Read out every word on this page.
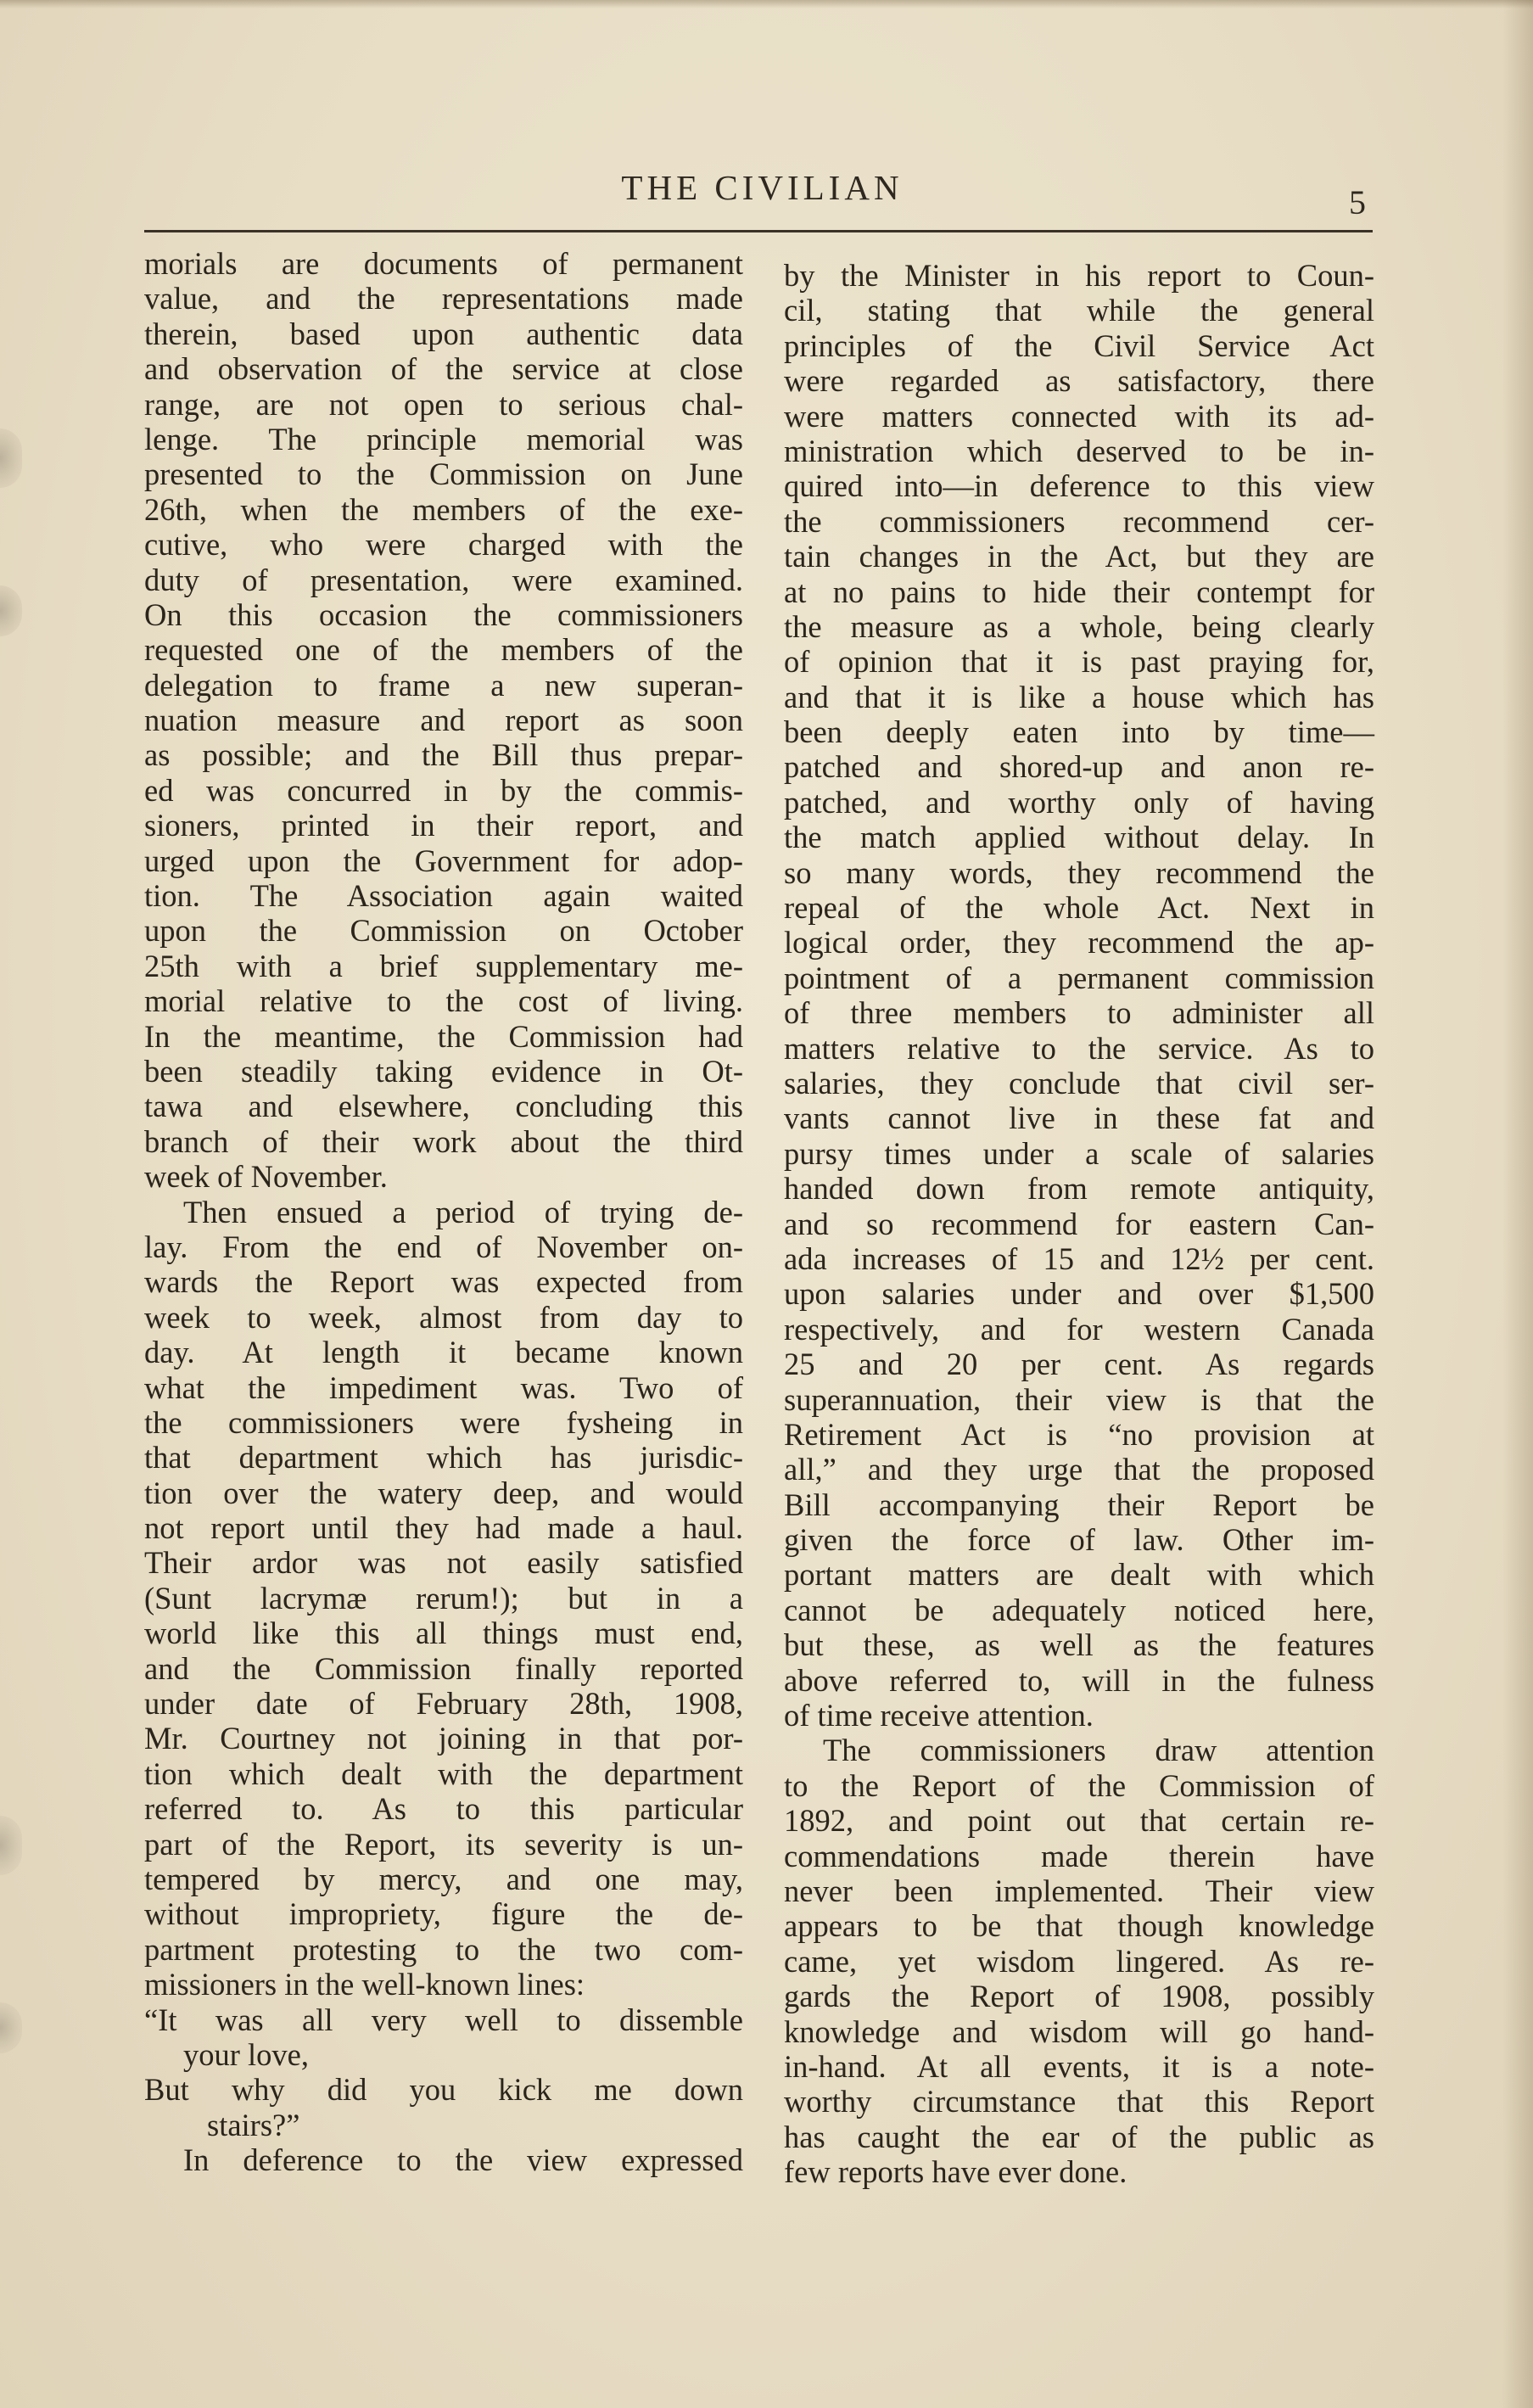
THE CIVILIAN	5
morials are documents of permanent
value, and the representations made
therein, based upon authentic data
and observation of the service at close
range, are not open to serious chal-
lenge. The principle memorial was
presented to the Commission on June
26th, when the members of the exe-
cutive, who were charged with the
duty of presentation, were examined.
On this occasion the commissioners
requested one of the members of the
delegation to frame a new superan-
nuation measure and report as soon
as possible; and the Bill thus prepar-
ed was concurred in by the commis-
sioners, printed in their report, and
urged upon the Government for adop-
tion. The Association again waited
upon the Commission on October
25th with a brief supplementary me-
morial relative to the cost of living.
In the meantime, the Commission had
been steadily taking evidence in Ot-
tawa and elsewhere, concluding this
branch of their work about the third
week of November.
Then ensued a period of trying de-
lay. From the end of November on-
wards the Report was expected from
week to week, almost from day to
day. At length it became known
what the impediment was. Two of
the commissioners were fysheing in
that department which has jurisdic-
tion over the watery deep, and would
not report until they had made a haul.
Their ardor was not easily satisfied
(Sunt lacrymæ rerum!); but in a
world like this all things must end,
and the Commission finally reported
under date of February 28th, 1908,
Mr. Courtney not joining in that por-
tion which dealt with the department
referred to. As to this particular
part of the Report, its severity is un-
tempered by mercy, and one may,
without impropriety, figure the de-
partment protesting to the two com-
missioners in the well-known lines:
“It was all very well to dissemble
your love,
But why did you kick me down
stairs?”
In deference to the view expressed
by the Minister in his report to Coun-
cil, stating that while the general
principles of the Civil Service Act
were regarded as satisfactory, there
were matters connected with its ad-
ministration which deserved to be in-
quired into—in deference to this view
the commissioners recommend cer-
tain changes in the Act, but they are
at no pains to hide their contempt for
the measure as a whole, being clearly
of opinion that it is past praying for,
and that it is like a house which has
been deeply eaten into by time—
patched and shored-up and anon re-
patched, and worthy only of having
the match applied without delay. In
so many words, they recommend the
repeal of the whole Act. Next in
logical order, they recommend the ap-
pointment of a permanent commission
of three members to administer all
matters relative to the service. As to
salaries, they conclude that civil ser-
vants cannot live in these fat and
pursy times under a scale of salaries
handed down from remote antiquity,
and so recommend for eastern Can-
ada increases of 15 and 12½ per cent.
upon salaries under and over $1,500
respectively, and for western Canada
25 and 20 per cent. As regards
superannuation, their view is that the
Retirement Act is “no provision at
all,” and they urge that the proposed
Bill accompanying their Report be
given the force of law. Other im-
portant matters are dealt with which
cannot be adequately noticed here,
but these, as well as the features
above referred to, will in the fulness
of time receive attention.
The commissioners draw attention
to the Report of the Commission of
1892, and point out that certain re-
commendations made therein have
never been implemented. Their view
appears to be that though knowledge
came, yet wisdom lingered. As re-
gards the Report of 1908, possibly
knowledge and wisdom will go hand-
in-hand. At all events, it is a note-
worthy circumstance that this Report
has caught the ear of the public as
few reports have ever done.
